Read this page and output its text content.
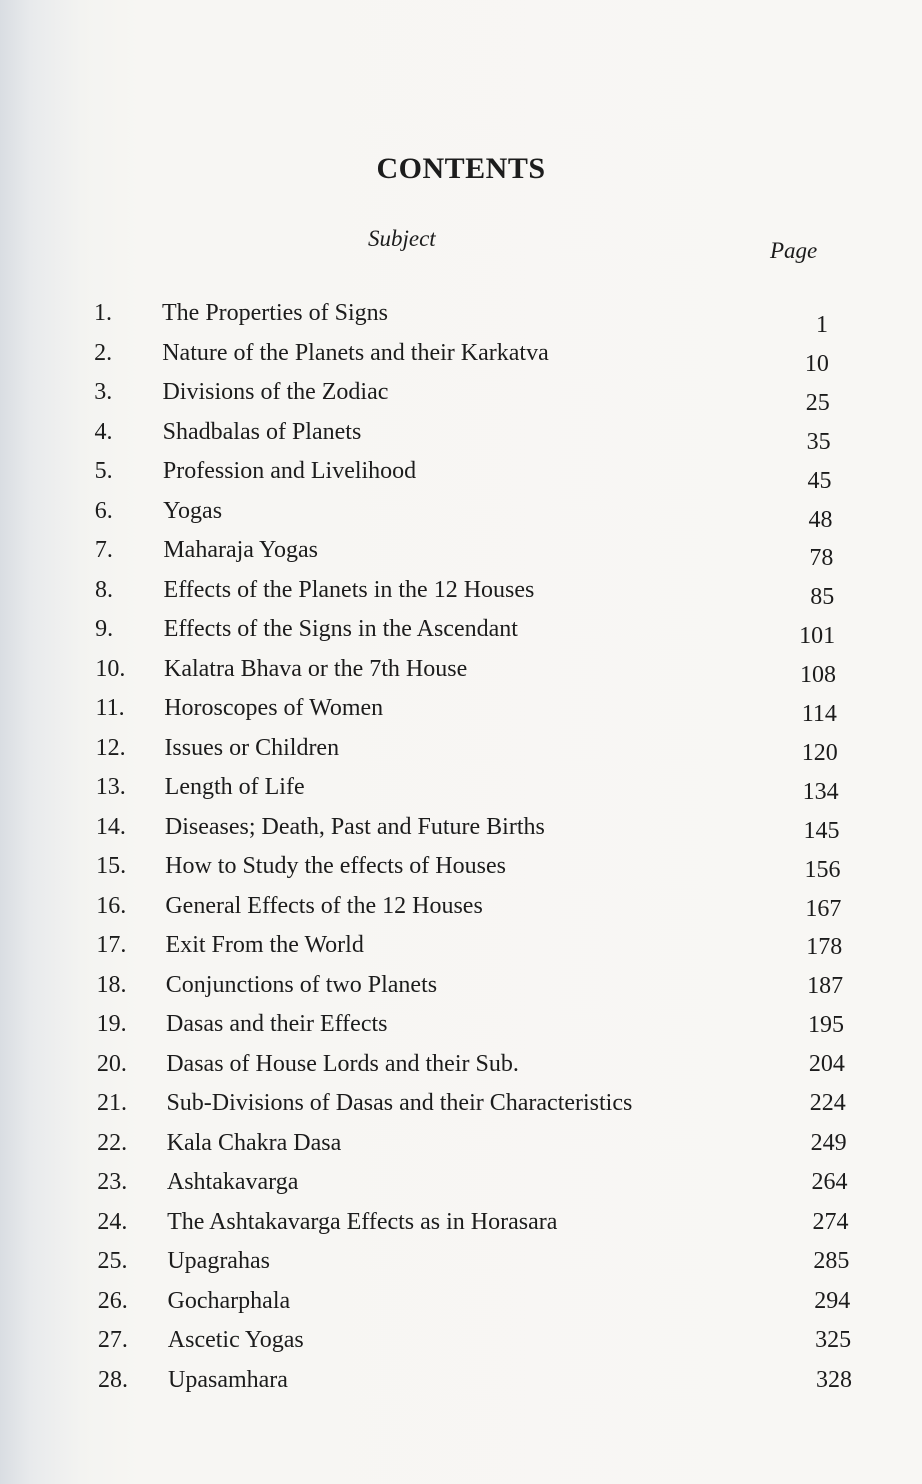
CONTENTS
Subject	Page
1. The Properties of Signs	1
2. Nature of the Planets and their Karkatva	10
3. Divisions of the Zodiac	25
4. Shadbalas of Planets	35
5. Profession and Livelihood	45
6. Yogas	48
7. Maharaja Yogas	78
8. Effects of the Planets in the 12 Houses	85
9. Effects of the Signs in the Ascendant	101
10. Kalatra Bhava or the 7th House	108
11. Horoscopes of Women	114
12. Issues or Children	120
13. Length of Life	134
14. Diseases; Death, Past and Future Births	145
15. How to Study the effects of Houses	156
16. General Effects of the 12 Houses	167
17. Exit From the World	178
18. Conjunctions of two Planets	187
19. Dasas and their Effects	195
20. Dasas of House Lords and their Sub.	204
21. Sub-Divisions of Dasas and their Characteristics	224
22. Kala Chakra Dasa	249
23. Ashtakavarga	264
24. The Ashtakavarga Effects as in Horasara	274
25. Upagrahas	285
26. Gocharphala	294
27. Ascetic Yogas	325
28. Upasamhara	328
